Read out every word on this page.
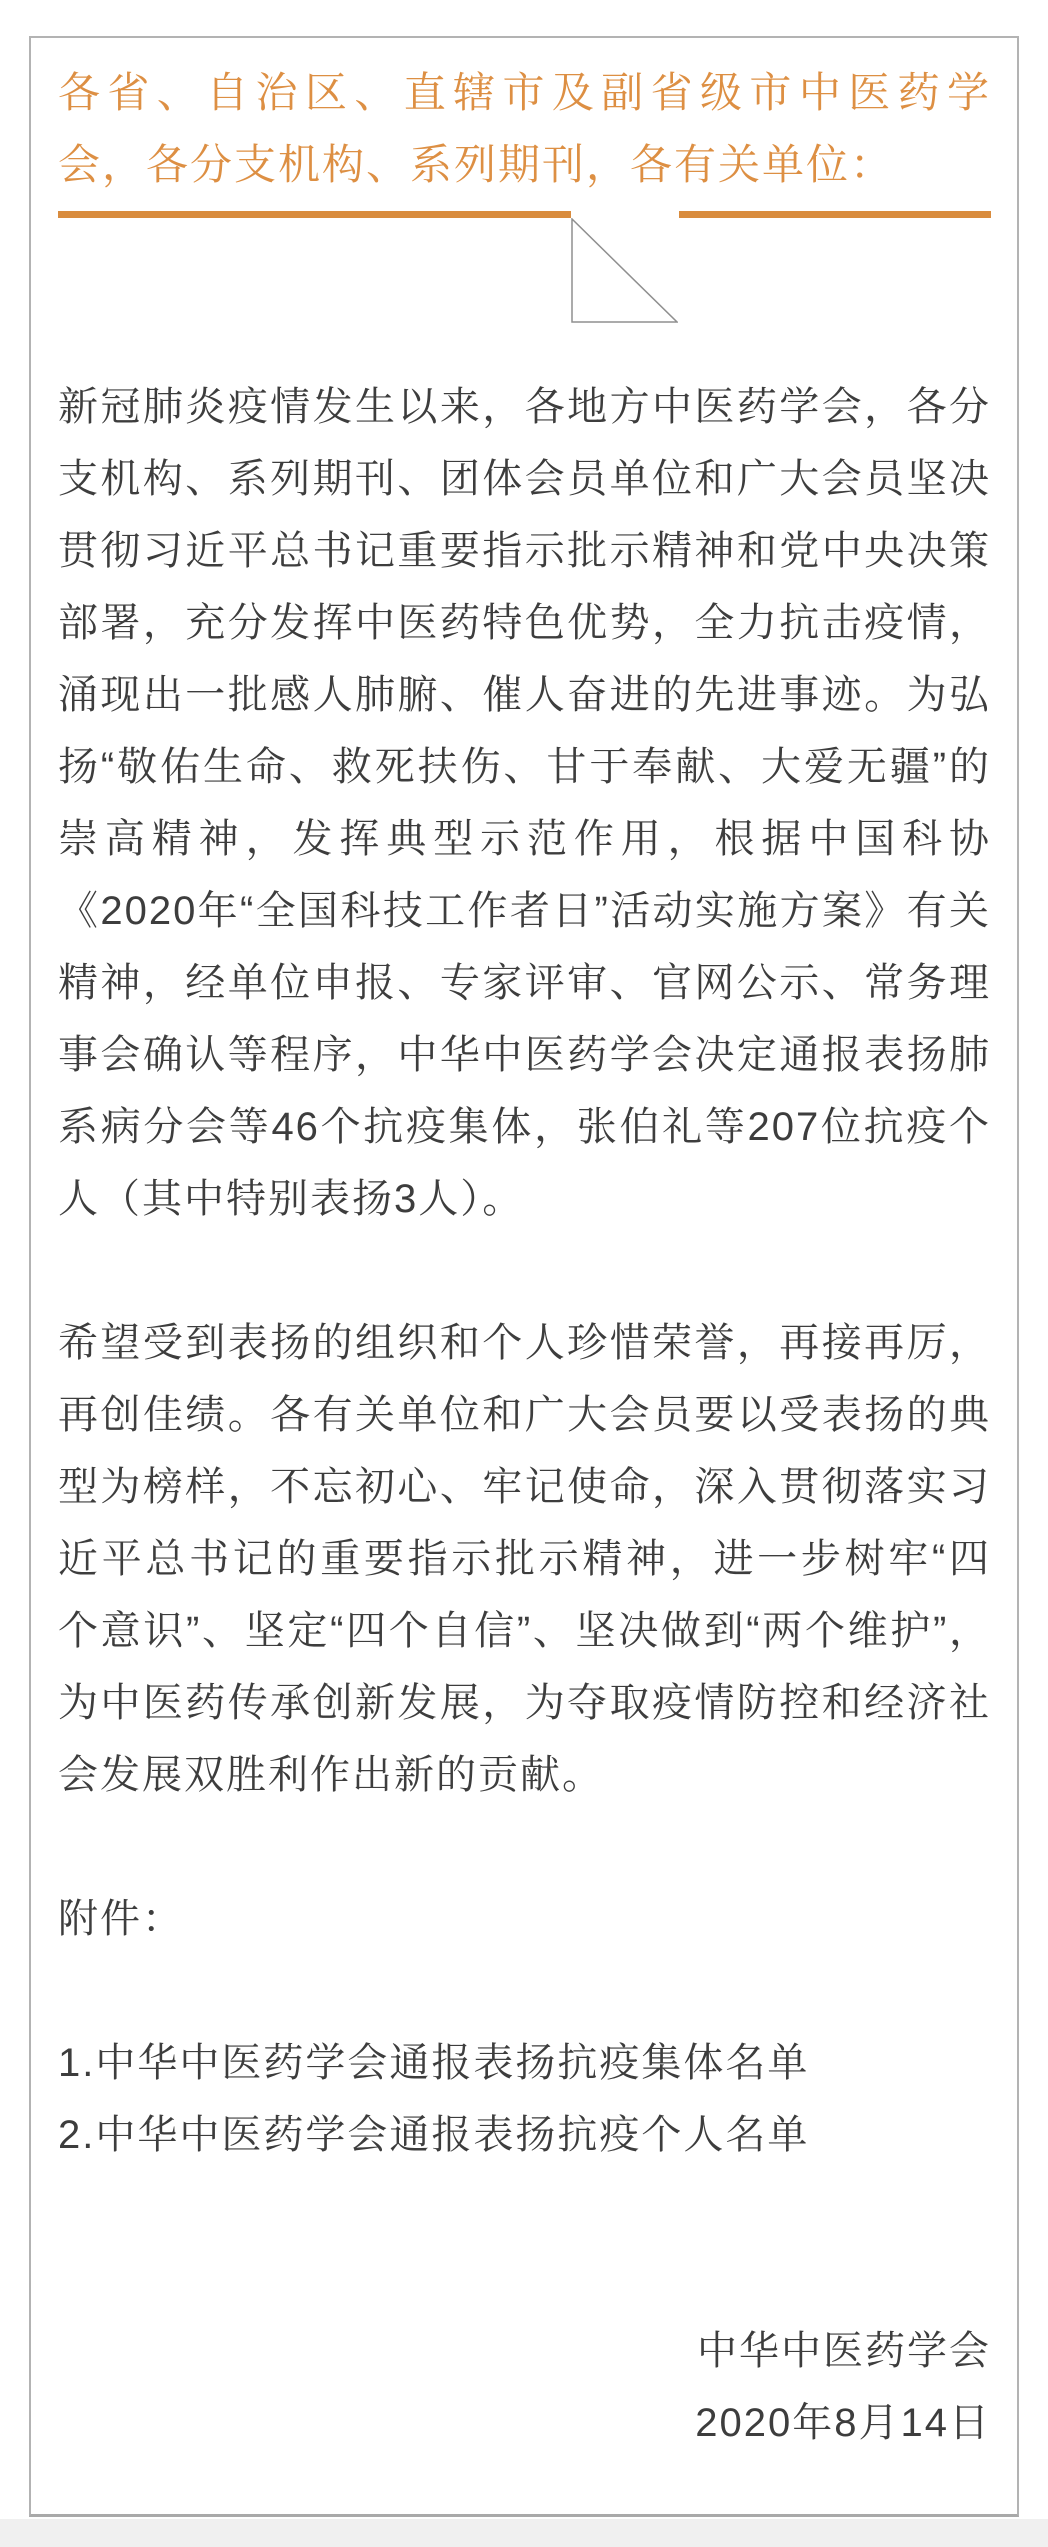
各省、自治区、直辖市及副省级市中医药学
会，各分支机构、系列期刊，各有关单位：

新冠肺炎疫情发生以来，各地方中医药学会，各分支机构、系列期刊、团体会员单位和广大会员坚决贯彻习近平总书记重要指示批示精神和党中央决策部署，充分发挥中医药特色优势，全力抗击疫情，涌现出一批感人肺腑、催人奋进的先进事迹。为弘扬“敬佑生命、救死扶伤、甘于奉献、大爱无疆”的崇高精神，发挥典型示范作用，根据中国科协《2020年“全国科技工作者日”活动实施方案》有关精神，经单位申报、专家评审、官网公示、常务理事会确认等程序，中华中医药学会决定通报表扬肺系病分会等46个抗疫集体，张伯礼等207位抗疫个人（其中特别表扬3人）。

希望受到表扬的组织和个人珍惜荣誉，再接再厉，再创佳绩。各有关单位和广大会员要以受表扬的典型为榜样，不忘初心、牢记使命，深入贯彻落实习近平总书记的重要指示批示精神，进一步树牢“四个意识”、坚定“四个自信”、坚决做到“两个维护”，为中医药传承创新发展，为夺取疫情防控和经济社会发展双胜利作出新的贡献。

附件：

1.中华中医药学会通报表扬抗疫集体名单
2.中华中医药学会通报表扬抗疫个人名单
中华中医药学会
2020年8月14日
